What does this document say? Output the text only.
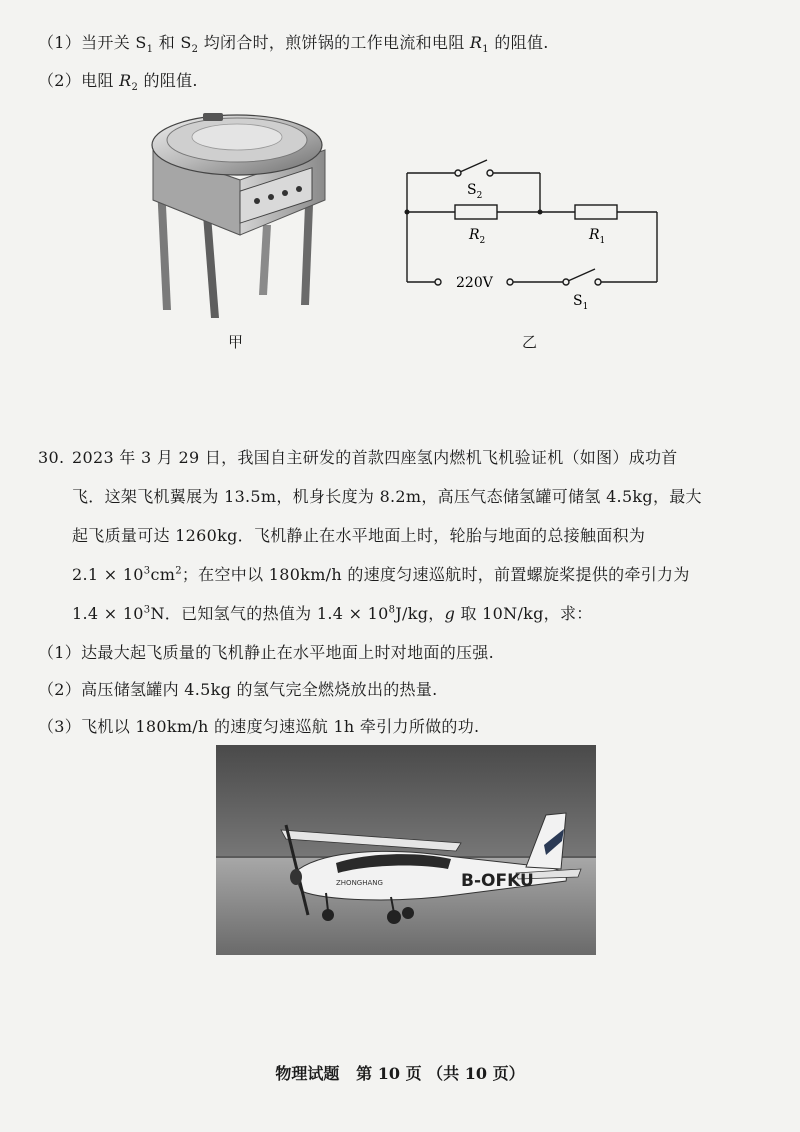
（1）当开关 $S_1$ 和 $S_2$ 均闭合时，煎饼锅的工作电流和电阻 $R_1$ 的阻值.
（2）电阻 $R_2$ 的阻值.
甲
$S_2$
$R_2$	$R_1$
220V
$S_1$
乙
30. 2023 年 3 月 29 日，我国自主研发的首款四座氢内燃机飞机验证机（如图）成功首
飞．这架飞机翼展为 13.5m，机身长度为 8.2m，高压气态储氢罐可储氢 4.5kg，最大
起飞质量可达 1260kg．飞机静止在水平地面上时，轮胎与地面的总接触面积为
$2.1 \times 10^3cm^2$；在空中以 180km/h 的速度匀速巡航时，前置螺旋桨提供的牵引力为
$1.4 \times 10^3N$．已知氢气的热值为 $1.4 \times 10^8J/kg$，g 取 10N/kg，求：
（1）达最大起飞质量的飞机静止在水平地面上时对地面的压强.
（2）高压储氢罐内 4.5kg 的氢气完全燃烧放出的热量.
（3）飞机以 180km/h 的速度匀速巡航 1h 牵引力所做的功.
ZHONGHANG	B-OFKU
物理试题 第 10 页 （共 10 页）
